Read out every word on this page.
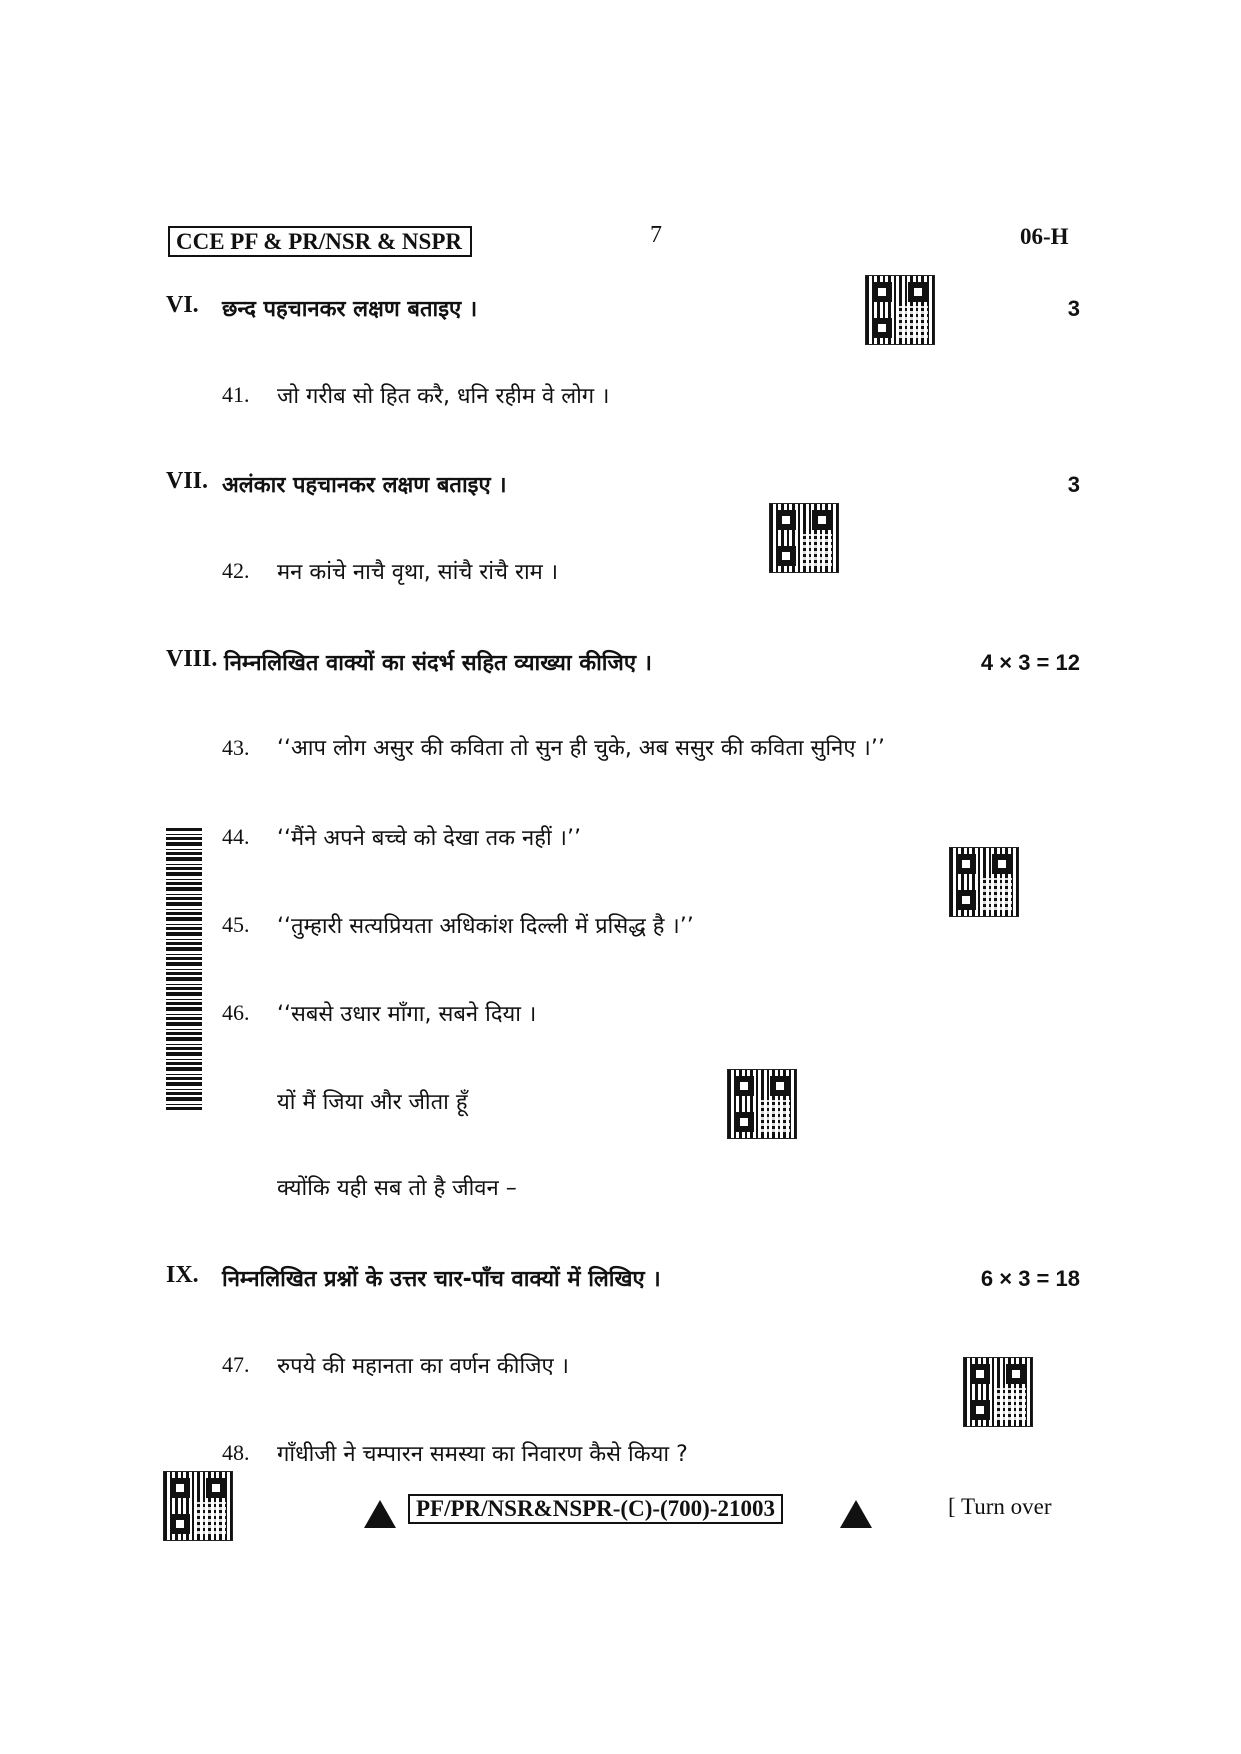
CCE PF & PR/NSR & NSPR	7	06-H
VI. छन्द पहचानकर लक्षण बताइए ।	3
41. जो गरीब सो हित करै, धनि रहीम वे लोग ।
VII. अलंकार पहचानकर लक्षण बताइए ।	3
42. मन कांचे नाचै वृथा, सांचै रांचै राम ।
VIII. निम्नलिखित वाक्यों का संदर्भ सहित व्याख्या कीजिए ।	4 × 3 = 12
43. ‘‘आप लोग असुर की कविता तो सुन ही चुके, अब ससुर की कविता सुनिए ।’’
44. ‘‘मैंने अपने बच्चे को देखा तक नहीं ।’’
45. ‘‘तुम्हारी सत्यप्रियता अधिकांश दिल्ली में प्रसिद्ध है ।’’
46. ‘‘सबसे उधार माँगा, सबने दिया ।
यों मैं जिया और जीता हूँ
क्योंकि यही सब तो है जीवन –
IX. निम्नलिखित प्रश्नों के उत्तर चार-पाँच वाक्यों में लिखिए ।	6 × 3 = 18
47. रुपये की महानता का वर्णन कीजिए ।
48. गाँधीजी ने चम्पारन समस्या का निवारण कैसे किया ?
PF/PR/NSR&NSPR-(C)-(700)-21003	[ Turn over
